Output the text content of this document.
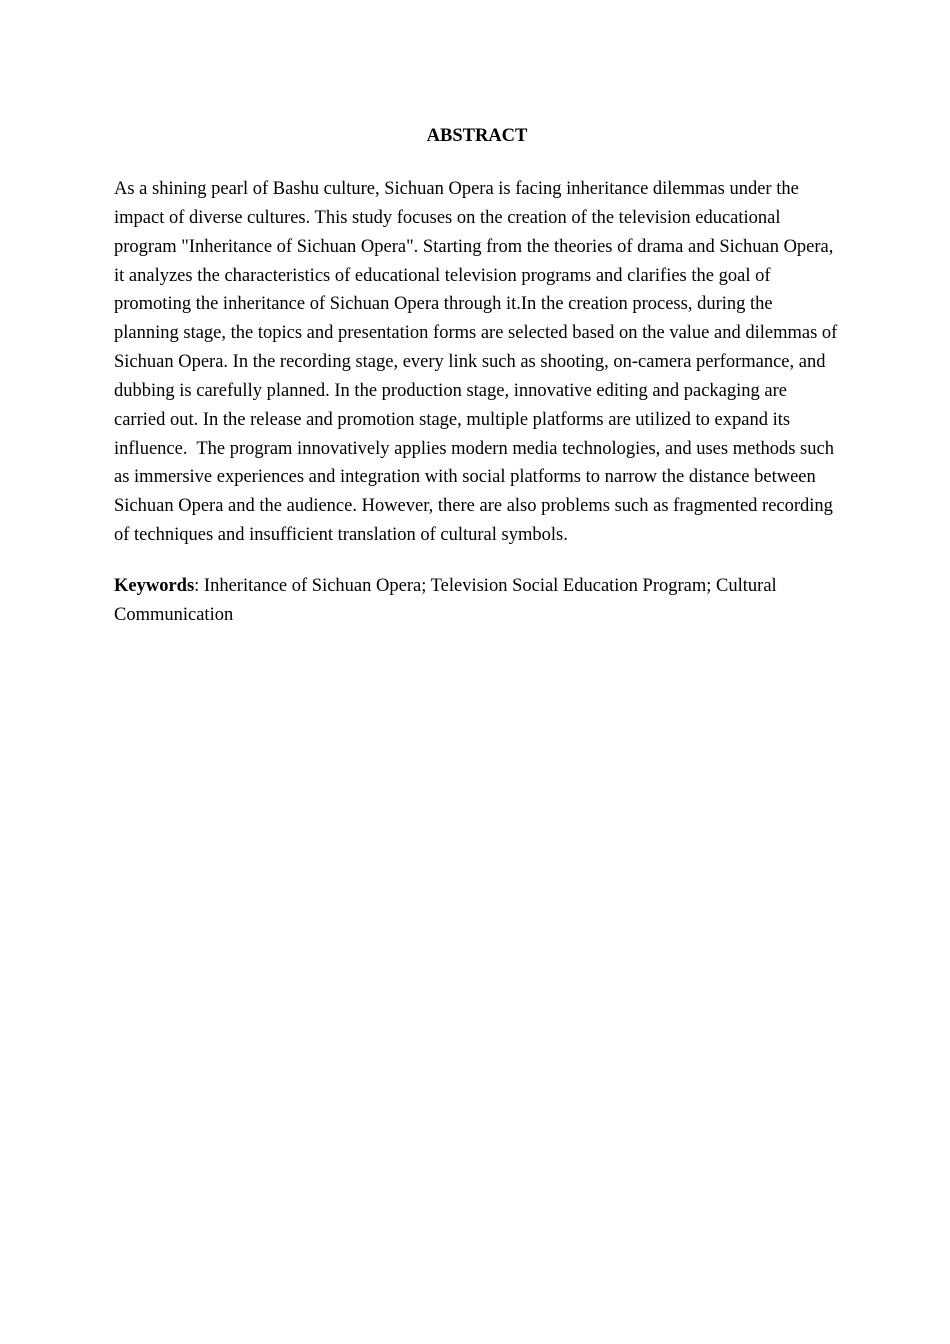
ABSTRACT

As a shining pearl of Bashu culture, Sichuan Opera is facing inheritance dilemmas under the impact of diverse cultures. This study focuses on the creation of the television educational program "Inheritance of Sichuan Opera". Starting from the theories of drama and Sichuan Opera, it analyzes the characteristics of educational television programs and clarifies the goal of promoting the inheritance of Sichuan Opera through it.In the creation process, during the planning stage, the topics and presentation forms are selected based on the value and dilemmas of Sichuan Opera. In the recording stage, every link such as shooting, on-camera performance, and dubbing is carefully planned. In the production stage, innovative editing and packaging are carried out. In the release and promotion stage, multiple platforms are utilized to expand its influence.  The program innovatively applies modern media technologies, and uses methods such as immersive experiences and integration with social platforms to narrow the distance between Sichuan Opera and the audience. However, there are also problems such as fragmented recording of techniques and insufficient translation of cultural symbols.

Keywords: Inheritance of Sichuan Opera; Television Social Education Program; Cultural Communication
